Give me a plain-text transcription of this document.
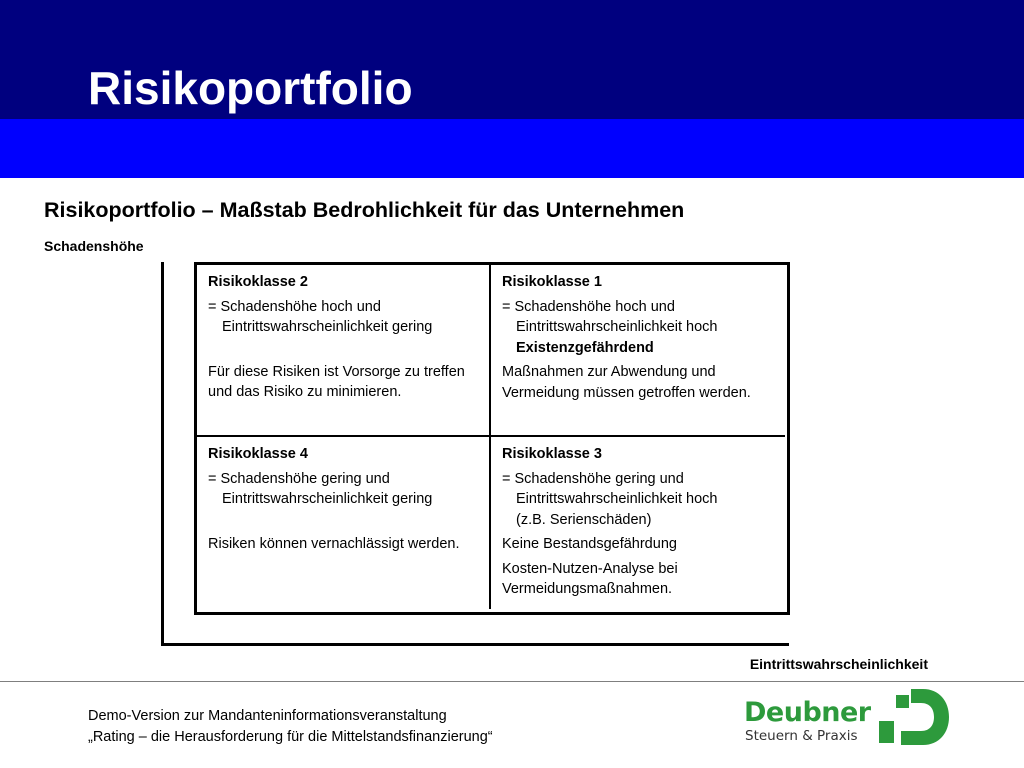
Risikoportfolio
Risikoportfolio – Maßstab Bedrohlichkeit für das Unternehmen
Schadenshöhe
Eintrittswahrscheinlichkeit
Risikoklasse 2
= Schadenshöhe hoch und
Eintrittswahrscheinlichkeit gering
Für diese Risiken ist Vorsorge zu treffen und das Risiko zu minimieren.
Risikoklasse 1
= Schadenshöhe hoch und
Eintrittswahrscheinlichkeit hoch
Existenzgefährdend
Maßnahmen zur Abwendung und Vermeidung müssen getroffen werden.
Risikoklasse 4
= Schadenshöhe gering und
Eintrittswahrscheinlichkeit gering
Risiken können vernachlässigt werden.
Risikoklasse 3
= Schadenshöhe gering und
Eintrittswahrscheinlichkeit hoch
(z.B. Serienschäden)
Keine Bestandsgefährdung
Kosten-Nutzen-Analyse bei Vermeidungsmaßnahmen.
Demo-Version zur Mandanteninformationsveranstaltung
„Rating – die Herausforderung für die Mittelstandsfinanzierung“
Deubner
Steuern & Praxis
